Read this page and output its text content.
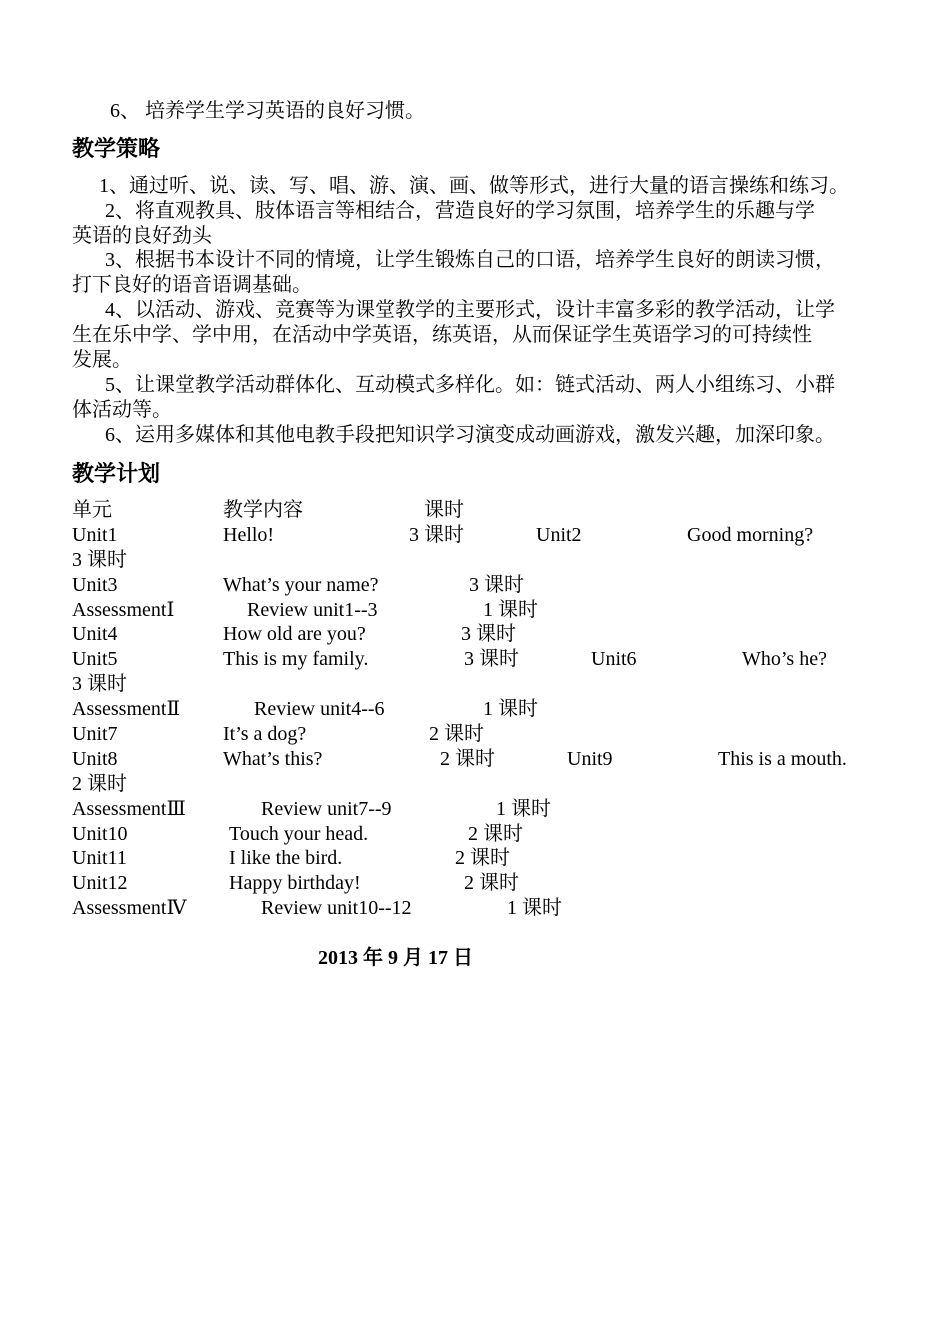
6、 培养学生学习英语的良好习惯。
教学策略
1、通过听、说、读、写、唱、游、演、画、做等形式，进行大量的语言操练和练习。
2、将直观教具、肢体语言等相结合，营造良好的学习氛围，培养学生的乐趣与学
英语的良好劲头
3、根据书本设计不同的情境，让学生锻炼自己的口语，培养学生良好的朗读习惯，
打下良好的语音语调基础。
4、以活动、游戏、竞赛等为课堂教学的主要形式，设计丰富多彩的教学活动，让学
生在乐中学、学中用，在活动中学英语，练英语，从而保证学生英语学习的可持续性
发展。
5、让课堂教学活动群体化、互动模式多样化。如：链式活动、两人小组练习、小群
体活动等。
6、运用多媒体和其他电教手段把知识学习演变成动画游戏，激发兴趣，加深印象。
教学计划
单元	教学内容	课时
Unit1	Hello!	3 课时	Unit2	Good morning?
3 课时
Unit3	What’s your name?	3 课时
AssessmentⅠ	Review unit1--3	1 课时
Unit4	How old are you?	3 课时
Unit5	This is my family.	3 课时	Unit6	Who’s he?
3 课时
AssessmentⅡ	Review unit4--6	1 课时
Unit7	It’s a dog?	2 课时
Unit8	What’s this?	2 课时	Unit9	This is a mouth.
2 课时
AssessmentⅢ	Review unit7--9	1 课时
Unit10	Touch your head.	2 课时
Unit11	I like the bird.	2 课时
Unit12	Happy birthday!	2 课时
AssessmentⅣ	Review unit10--12	1 课时
2013 年 9 月 17 日
